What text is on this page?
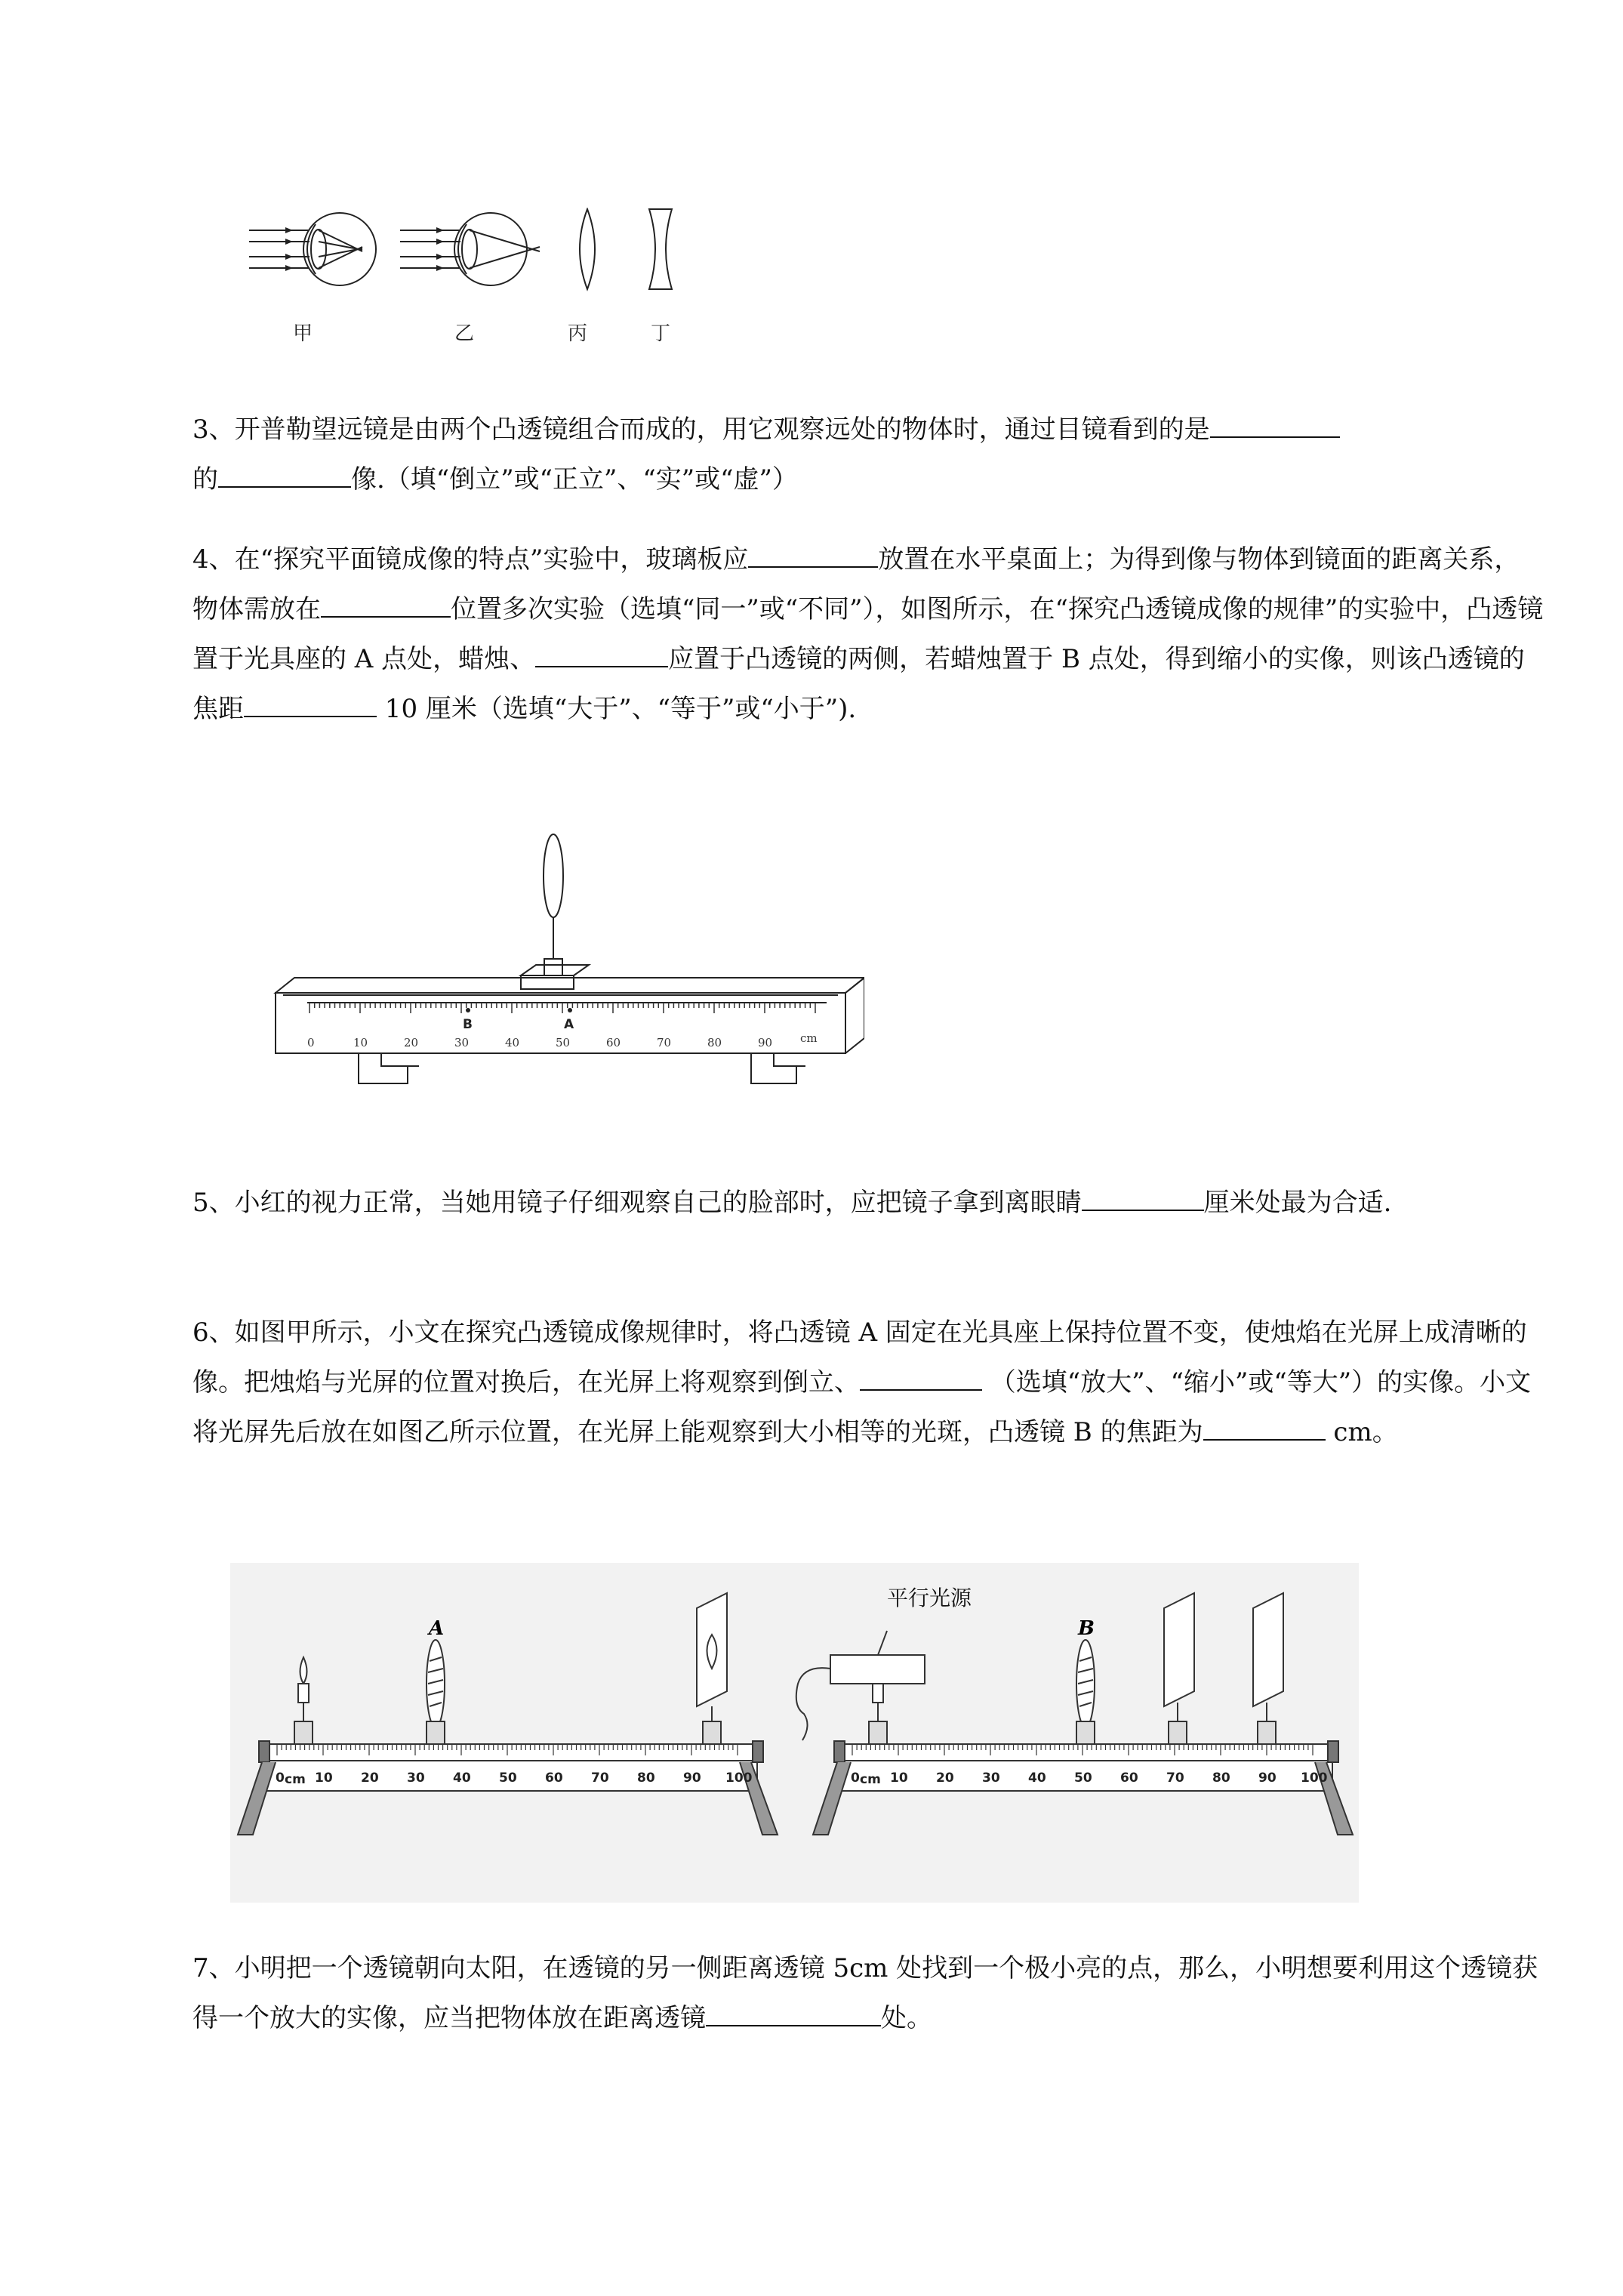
甲	乙	丙	丁
3、开普勒望远镜是由两个凸透镜组合而成的，用它观察远处的物体时，通过目镜看到的是
的	像.（填“倒立”或“正立”、“实”或“虚”）
4、在“探究平面镜成像的特点”实验中，玻璃板应	放置在水平桌面上；为得到像与物体到镜面的距离关系，物体需放在	位置多次实验（选填“同一”或“不同”），如图所示，在“探究凸透镜成像的规律”的实验中，凸透镜置于光具座的 A 点处，蜡烛、	应置于凸透镜的两侧，若蜡烛置于 B 点处，得到缩小的实像，则该凸透镜的焦距	10 厘米（选填“大于”、“等于”或“小于”).
B	A
0	10	20	30	40	50	60	70	80	90 cm
5、小红的视力正常，当她用镜子仔细观察自己的脸部时，应把镜子拿到离眼睛	厘米处最为合适.
6、如图甲所示，小文在探究凸透镜成像规律时，将凸透镜 A 固定在光具座上保持位置不变，使烛焰在光屏上成清晰的像。把烛焰与光屏的位置对换后，在光屏上将观察到倒立、	（选填“放大”、“缩小”或“等大”）的实像。小文将光屏先后放在如图乙所示位置，在光屏上能观察到大小相等的光斑，凸透镜 B 的焦距为	cm。
0 cm 10 20 30 40 50 60 70 80 90 100
A
0 cm 10 20 30 40 50 60 70 80 90 100
B
平行光源
7、小明把一个透镜朝向太阳，在透镜的另一侧距离透镜 5cm 处找到一个极小亮的点，那么，小明想要利用这个透镜获得一个放大的实像，应当把物体放在距离透镜	处。
